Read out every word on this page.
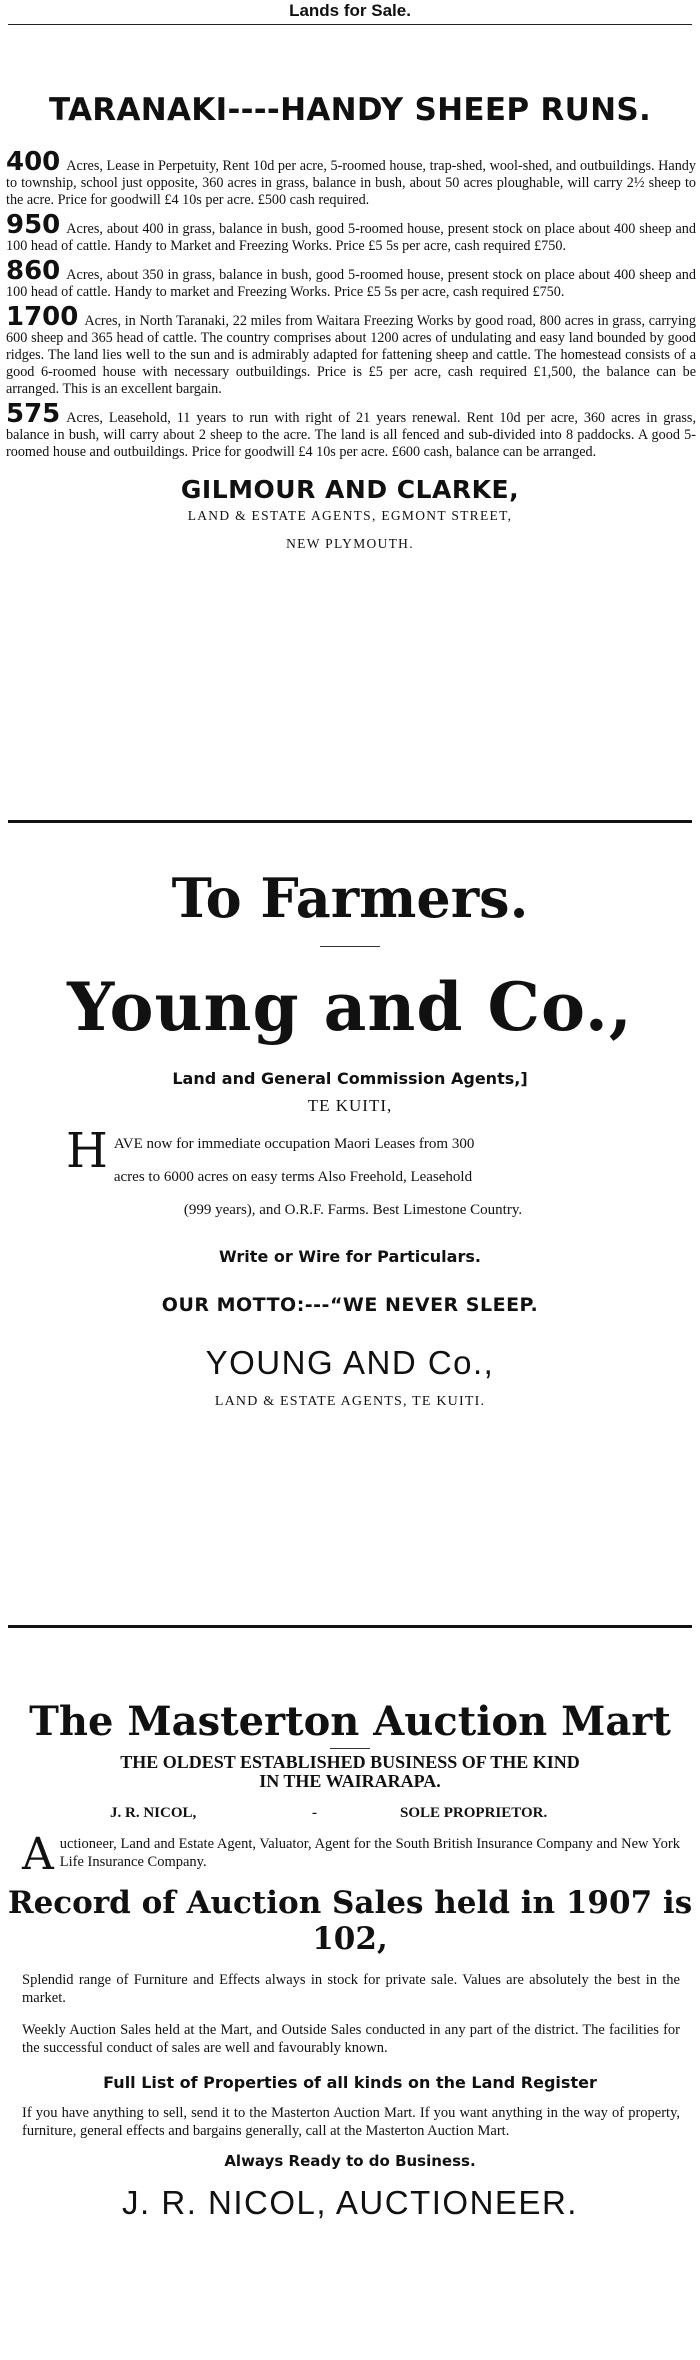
Lands for Sale.
TARANAKI----HANDY SHEEP RUNS.

400 Acres, Lease in Perpetuity, Rent 10d per acre, 5-roomed house, trap-shed, wool-shed, and outbuildings. Handy to township, school just opposite, 360 acres in grass, balance in bush, about 50 acres ploughable, will carry 2½ sheep to the acre. Price for goodwill £4 10s per acre. £500 cash required.

950 Acres, about 400 in grass, balance in bush, good 5-roomed house, present stock on place about 400 sheep and 100 head of cattle. Handy to Market and Freezing Works. Price £5 5s per acre, cash required £750.

860 Acres, about 350 in grass, balance in bush, good 5-roomed house, present stock on place about 400 sheep and 100 head of cattle. Handy to market and Freezing Works. Price £5 5s per acre, cash required £750.

1700 Acres, in North Taranaki, 22 miles from Waitara Freezing Works by good road, 800 acres in grass, carrying 600 sheep and 365 head of cattle. The country comprises about 1200 acres of undulating and easy land bounded by good ridges. The land lies well to the sun and is admirably adapted for fattening sheep and cattle. The homestead consists of a good 6-roomed house with necessary outbuildings. Price is £5 per acre, cash required £1,500, the balance can be arranged. This is an excellent bargain.

575 Acres, Leasehold, 11 years to run with right of 21 years renewal. Rent 10d per acre, 360 acres in grass, balance in bush, will carry about 2 sheep to the acre. The land is all fenced and sub-divided into 8 paddocks. A good 5-roomed house and outbuildings. Price for goodwill £4 10s per acre. £600 cash, balance can be arranged.

GILMOUR AND CLARKE,
LAND & ESTATE AGENTS, EGMONT STREET,
NEW PLYMOUTH.
To Farmers.
Young and Co.,
Land and General Commission Agents,]
TE KUITI,
H AVE now for immediate occupation Maori Leases from 300
acres to 6000 acres on easy terms Also Freehold, Leasehold
(999 years), and O.R.F. Farms. Best Limestone Country.
Write or Wire for Particulars.
OUR MOTTO:---“WE NEVER SLEEP.
YOUNG AND Co.,
LAND & ESTATE AGENTS, TE KUITI.
The Masterton Auction Mart
THE OLDEST ESTABLISHED BUSINESS OF THE KIND
IN THE WAIRARAPA.
J. R. NICOL,	-	SOLE PROPRIETOR.

Auctioneer, Land and Estate Agent, Valuator, Agent for the South British Insurance Company and New York Life Insurance Company.

Record of Auction Sales held in 1907 is
102,

Splendid range of Furniture and Effects always in stock for private sale. Values are absolutely the best in the market.

Weekly Auction Sales held at the Mart, and Outside Sales conducted in any part of the district. The facilities for the successful conduct of sales are well and favourably known.

Full List of Properties of all kinds on the Land Register

If you have anything to sell, send it to the Masterton Auction Mart. If you want anything in the way of property, furniture, general effects and bargains generally, call at the Masterton Auction Mart.

Always Ready to do Business.
J. R. NICOL, AUCTIONEER.
